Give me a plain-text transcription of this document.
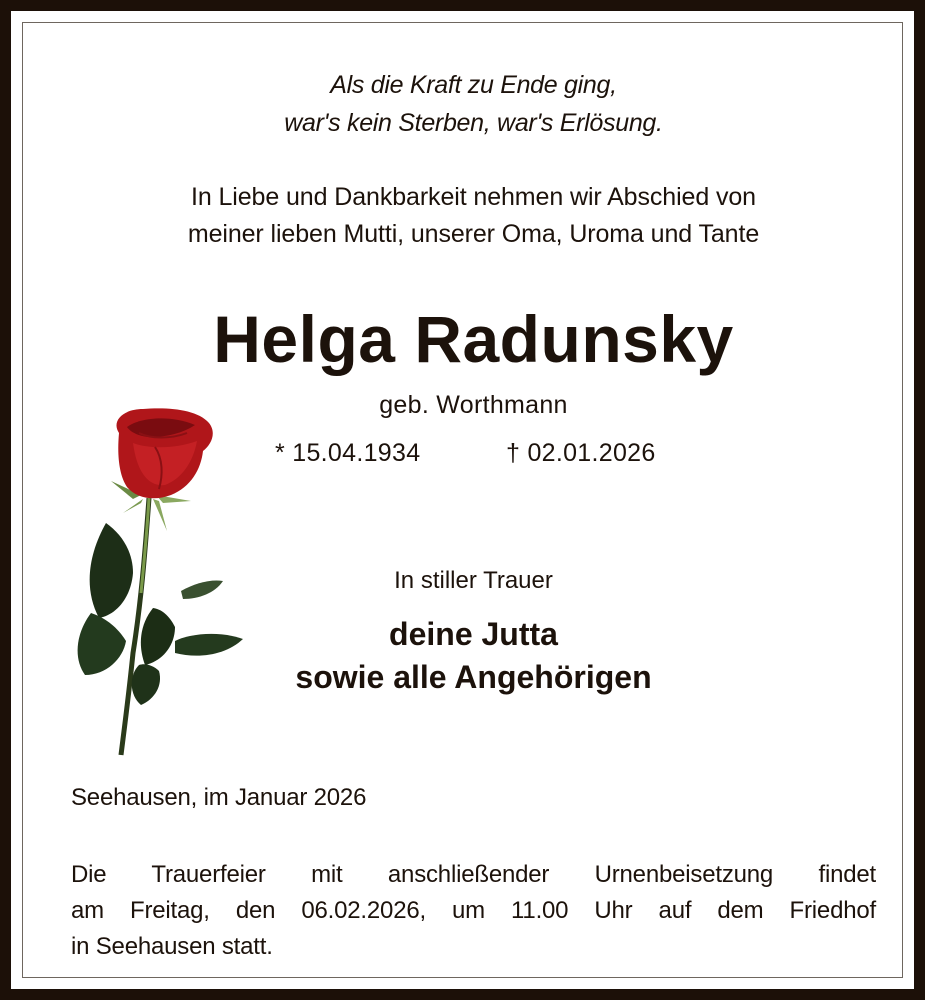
Als die Kraft zu Ende ging,
war's kein Sterben, war's Erlösung.
In Liebe und Dankbarkeit nehmen wir Abschied von
meiner lieben Mutti, unserer Oma, Uroma und Tante
Helga Radunsky
geb. Worthmann
* 15.04.1934	† 02.01.2026
In stiller Trauer
deine Jutta
sowie alle Angehörigen
Seehausen, im Januar 2026
Die Trauerfeier mit anschließender Urnenbeisetzung findet
am Freitag, den 06.02.2026, um 11.00 Uhr auf dem Friedhof
in Seehausen statt.
